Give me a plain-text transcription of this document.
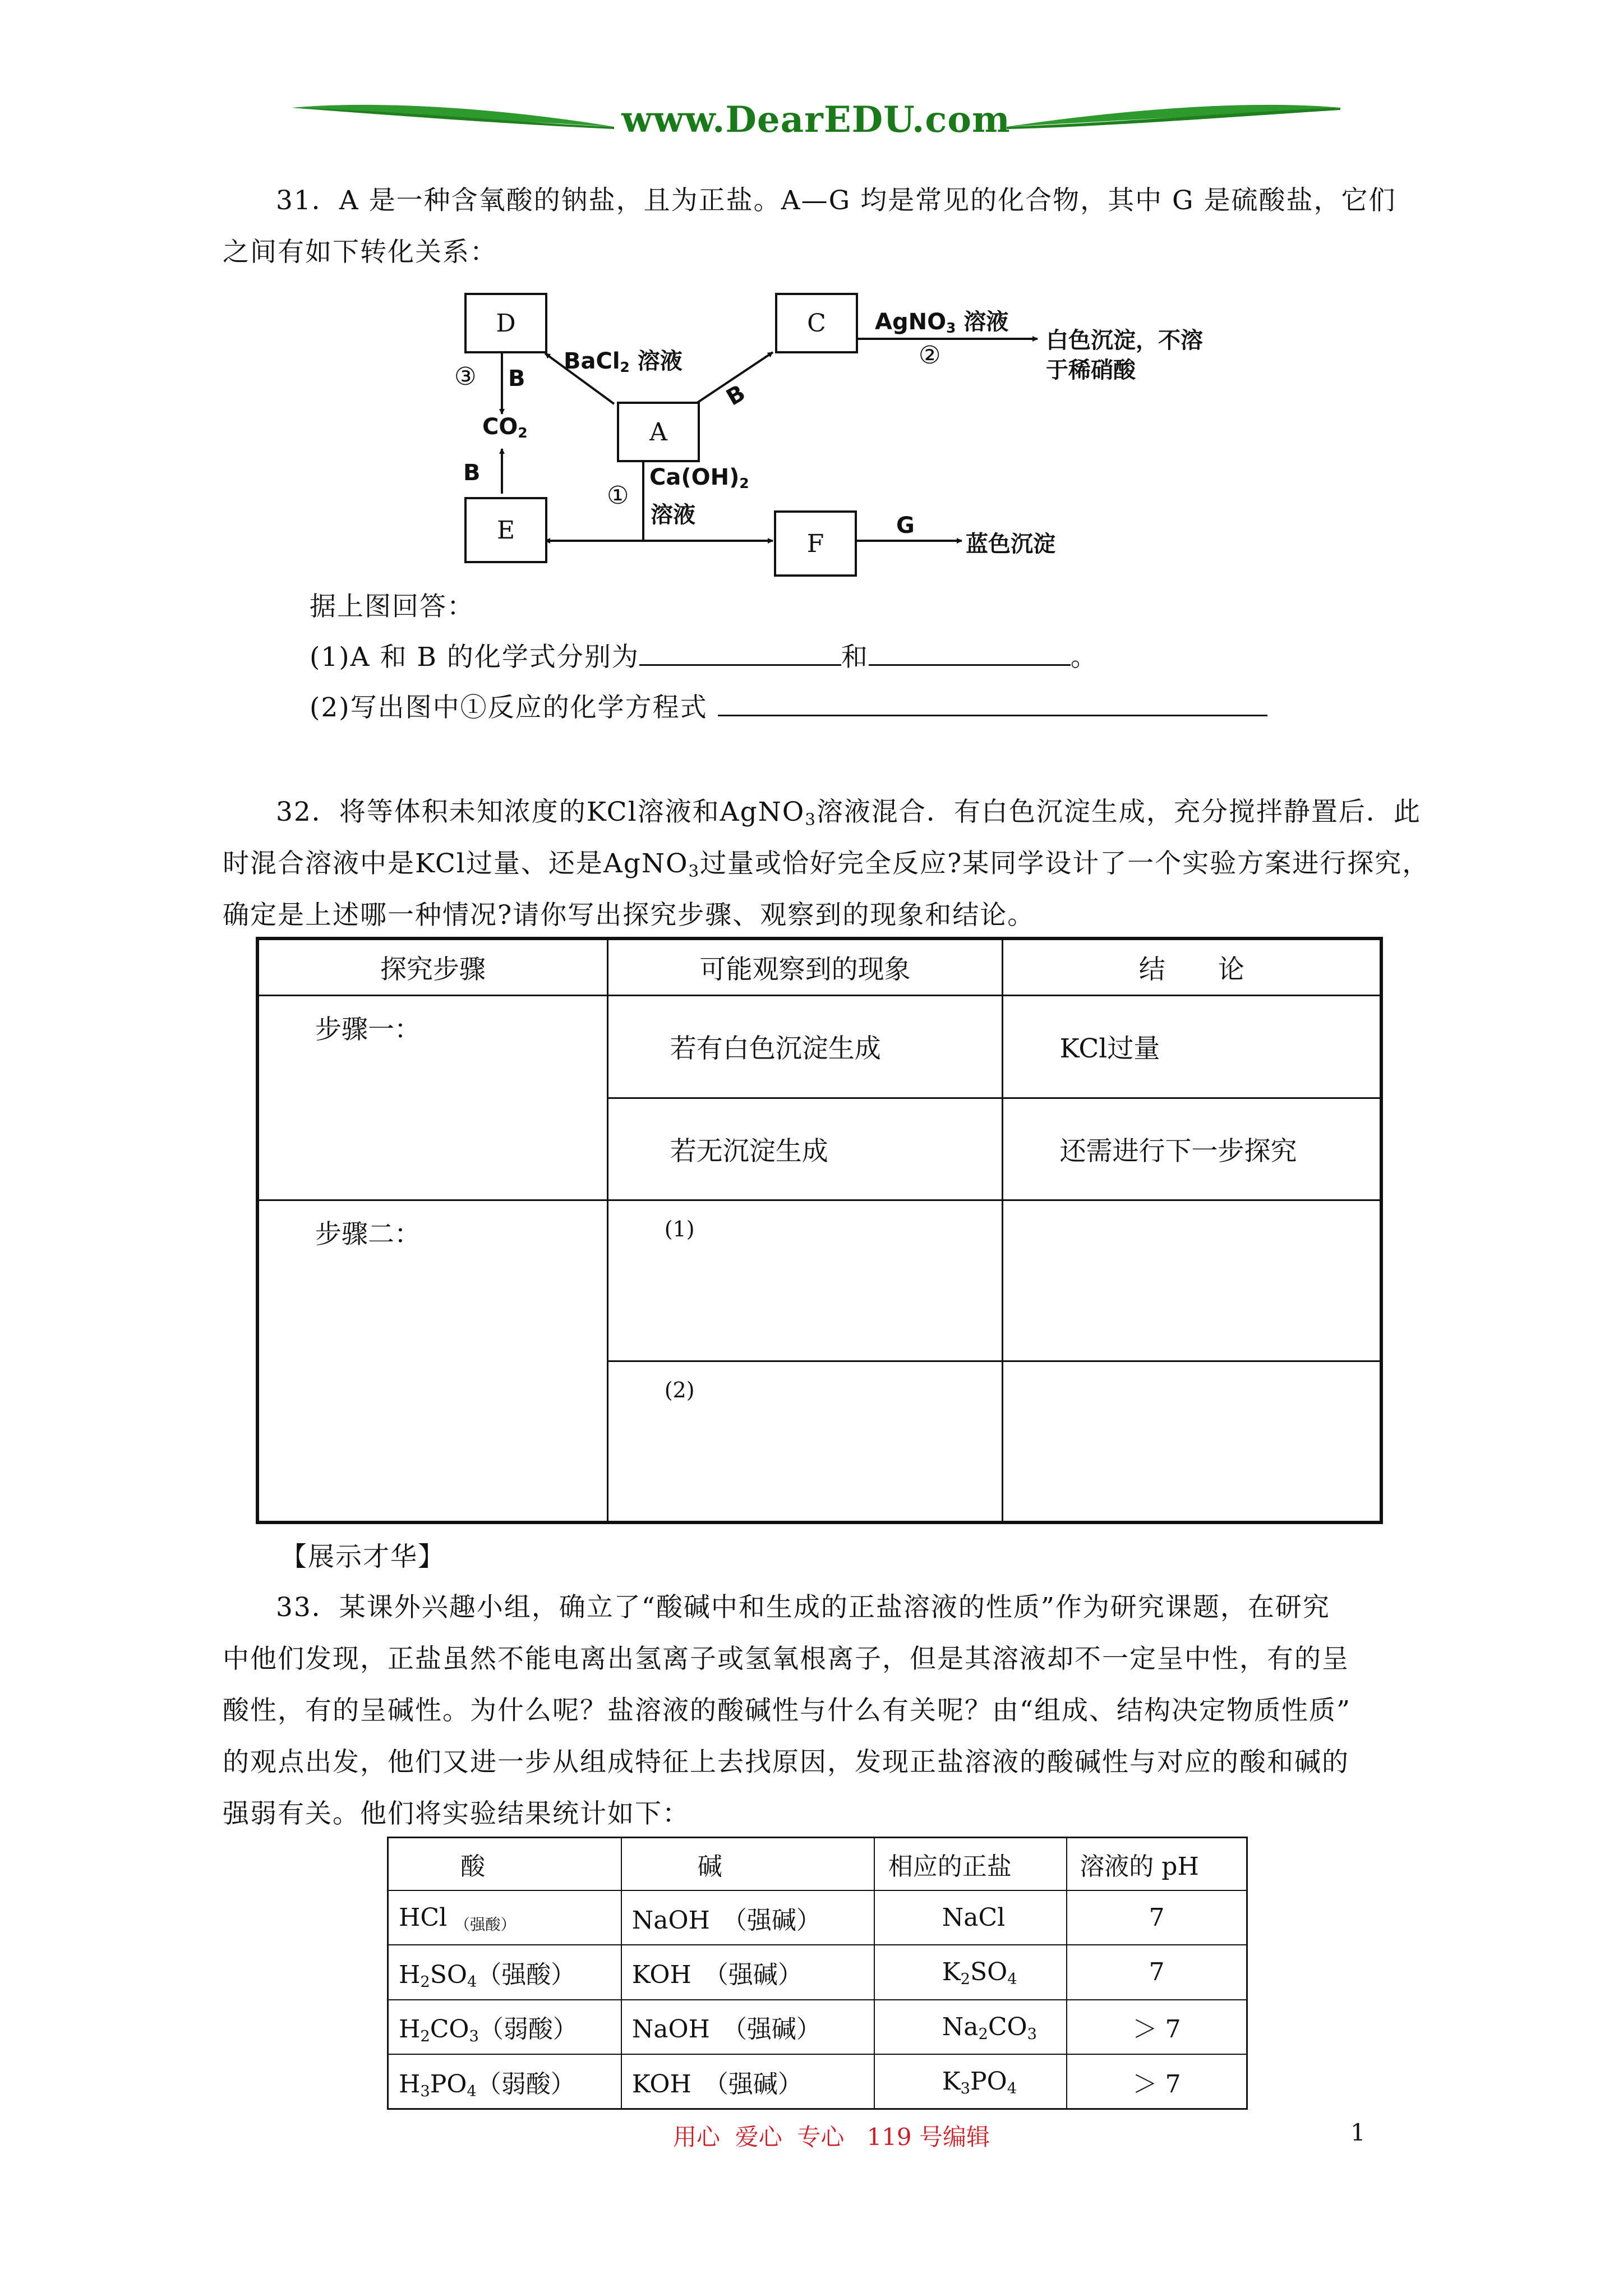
www.DearEDU.com
31．A 是一种含氧酸的钠盐，且为正盐。A—G 均是常见的化合物，其中 G 是硫酸盐，它们
之间有如下转化关系：
D	C
A
E	F
BaCl$_2$ 溶液
B
AgNO$_3$ 溶液
②
白色沉淀，不溶
于稀硝酸
③ B
$CO_2$
B
①
$Ca(OH)_2$
溶液	G
蓝色沉淀
据上图回答：
(1)A 和 B 的化学式分别为	和	。
(2)写出图中①反应的化学方程式
32．将等体积未知浓度的KCl溶液和AgNO$_3$溶液混合．有白色沉淀生成，充分搅拌静置后．此
时混合溶液中是KCl过量、还是AgNO$_3$过量或恰好完全反应?某同学设计了一个实验方案进行探究，
确定是上述哪一种情况?请你写出探究步骤、观察到的现象和结论。
探究步骤	可能观察到的现象	结　　论
步骤一：	若有白色沉淀生成	KCl过量
	若无沉淀生成	还需进行下一步探究
步骤二：	(1)	
	(2)	
【展示才华】
33．某课外兴趣小组，确立了“酸碱中和生成的正盐溶液的性质”作为研究课题，在研究
中他们发现，正盐虽然不能电离出氢离子或氢氧根离子，但是其溶液却不一定呈中性，有的呈
酸性，有的呈碱性。为什么呢？盐溶液的酸碱性与什么有关呢？由“组成、结构决定物质性质”
的观点出发，他们又进一步从组成特征上去找原因，发现正盐溶液的酸碱性与对应的酸和碱的
强弱有关。他们将实验结果统计如下：
酸	碱	相应的正盐	溶液的 pH
HCl　$_{(强酸)}$	NaOH　（强碱）	NaCl	7
$H_2SO_4$（强酸）	KOH　（强碱）	$K_2SO_4$	7
$H_2CO_3$（弱酸）	NaOH　（强碱）	$Na_2CO_3$	＞ 7
$H_3PO_4$（弱酸）	KOH　（强碱）	$K_3PO_4$	＞ 7
用心  爱心  专心   119 号编辑	1
